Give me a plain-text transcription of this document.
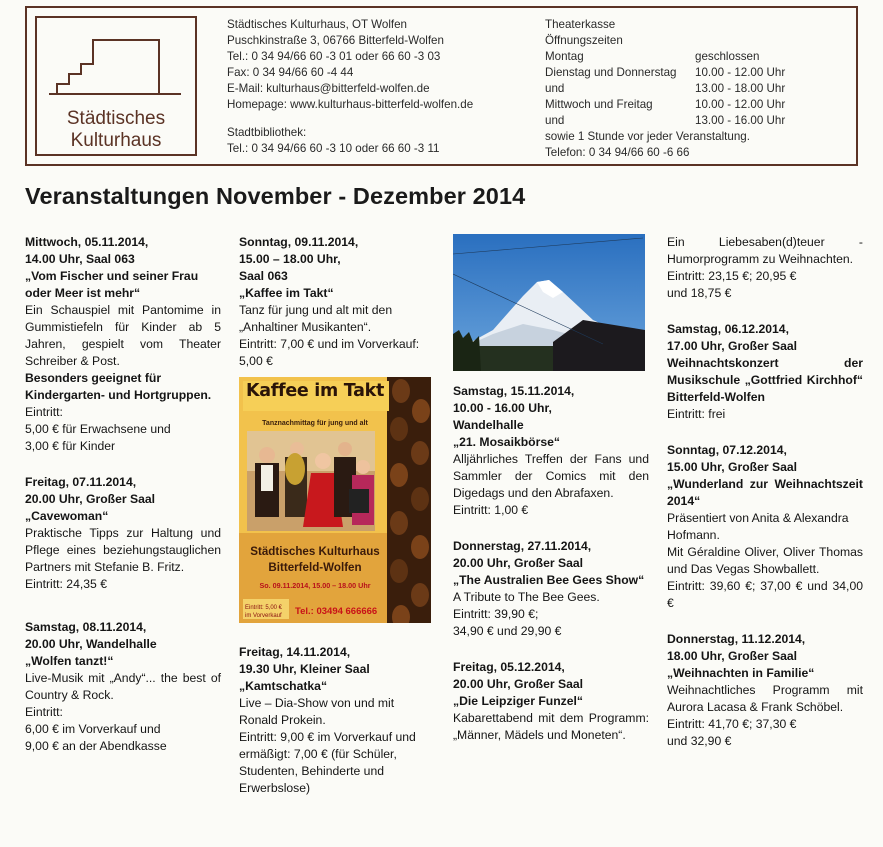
Städtisches
Kulturhaus
Städtisches Kulturhaus, OT Wolfen
Puschkinstraße 3, 06766 Bitterfeld-Wolfen
Tel.: 0 34 94/66 60 -3 01 oder 66 60 -3 03
Fax: 0 34 94/66 60 -4 44
E-Mail: kulturhaus@bitterfeld-wolfen.de
Homepage: www.kulturhaus-bitterfeld-wolfen.de
Stadtbibliothek:
Tel.: 0 34 94/66 60 -3 10 oder 66 60 -3 11
Theaterkasse
Öffnungszeiten
Montag	geschlossen
Dienstag und Donnerstag 10.00 - 12.00 Uhr
und	13.00 - 18.00 Uhr
Mittwoch und Freitag	10.00 - 12.00 Uhr
und	13.00 - 16.00 Uhr
sowie 1 Stunde vor jeder Veranstaltung.
Telefon: 0 34 94/66 60 -6 66
Veranstaltungen November - Dezember 2014

Mittwoch, 05.11.2014,

14.00 Uhr, Saal 063

„Vom Fischer und seiner Frau oder Meer ist mehr“

Ein Schauspiel mit Pantomime in Gummistiefeln für Kinder ab 5 Jahren, gespielt vom Theater Schreiber & Post.

Besonders geeignet für Kindergarten- und Hortgruppen.

Eintritt:

5,00 € für Erwachsene und

3,00 € für Kinder

Freitag, 07.11.2014,

20.00 Uhr, Großer Saal

„Cavewoman“

Praktische Tipps zur Haltung und Pflege eines beziehungstauglichen Partners mit Stefanie B. Fritz.

Eintritt: 24,35 €

Samstag, 08.11.2014,

20.00 Uhr, Wandelhalle

„Wolfen tanzt!“

Live-Musik mit „Andy“... the best of Country & Rock.

Eintritt:

6,00 € im Vorverkauf und

9,00 € an der Abendkasse

Sonntag, 09.11.2014,

15.00 – 18.00 Uhr,

Saal 063

„Kaffee im Takt“

Tanz für jung und alt mit den „Anhaltiner Musikanten“.

Eintritt: 7,00 € und im Vorverkauf: 5,00 €

Kaffee im Takt
Tanznachmittag für jung und alt
Städtisches Kulturhaus
Bitterfeld-Wolfen
So. 09.11.2014, 15.00 – 18.00 Uhr
Eintritt: 5,00 €
im Vorverkauf Tel.: 03494 666666

Freitag, 14.11.2014,

19.30 Uhr, Kleiner Saal

„Kamtschatka“

Live – Dia-Show von und mit Ronald Prokein.

Eintritt: 9,00 € im Vorverkauf und ermäßigt: 7,00 € (für Schüler, Studenten, Behinderte und Erwerbslose)

Samstag, 15.11.2014,

10.00 - 16.00 Uhr,

Wandelhalle

„21. Mosaikbörse“

Alljährliches Treffen der Fans und Sammler der Comics mit den Digedags und den Abrafaxen.

Eintritt: 1,00 €

Donnerstag, 27.11.2014,

20.00 Uhr, Großer Saal

„The Australien Bee Gees Show“

A Tribute to The Bee Gees.

Eintritt: 39,90 €;

34,90 € und 29,90 €

Freitag, 05.12.2014,

20.00 Uhr, Großer Saal

„Die Leipziger Funzel“

Kabarettabend mit dem Programm: „Männer, Mädels und Moneten“.

Ein Liebesaben(d)teuer - Humorprogramm zu Weihnachten.

Eintritt: 23,15 €; 20,95 €

und 18,75 €

Samstag, 06.12.2014,

17.00 Uhr, Großer Saal

Weihnachtskonzert der Musikschule „Gottfried Kirchhof“ Bitterfeld-Wolfen

Eintritt: frei

Sonntag, 07.12.2014,

15.00 Uhr, Großer Saal

„Wunderland zur Weihnachtszeit 2014“

Präsentiert von Anita & Alexandra Hofmann.

Mit Géraldine Oliver, Oliver Thomas und Das Vegas Showballett.

Eintritt: 39,60 €; 37,00 € und 34,00 €

Donnerstag, 11.12.2014,

18.00 Uhr, Großer Saal

„Weihnachten in Familie“

Weihnachtliches Programm mit Aurora Lacasa & Frank Schöbel.

Eintritt: 41,70 €; 37,30 €

und 32,90 €
